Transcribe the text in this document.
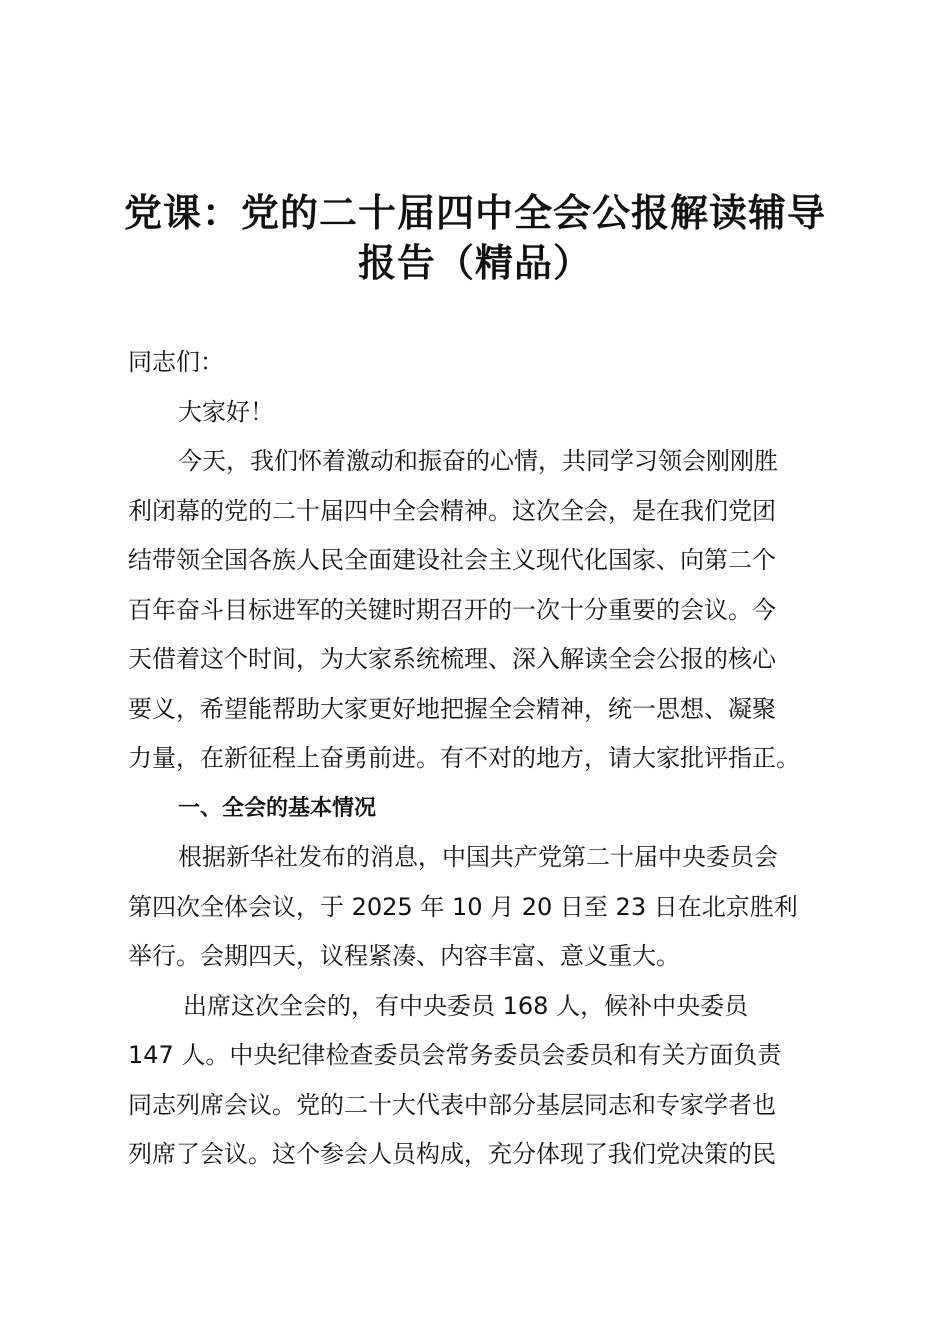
党课：党的二十届四中全会公报解读辅导
报告（精品）
同志们：
大家好！
今天，我们怀着激动和振奋的心情，共同学习领会刚刚胜
利闭幕的党的二十届四中全会精神。这次全会，是在我们党团
结带领全国各族人民全面建设社会主义现代化国家、向第二个
百年奋斗目标进军的关键时期召开的一次十分重要的会议。今
天借着这个时间，为大家系统梳理、深入解读全会公报的核心
要义，希望能帮助大家更好地把握全会精神，统一思想、凝聚
力量，在新征程上奋勇前进。有不对的地方，请大家批评指正。
一、全会的基本情况
根据新华社发布的消息，中国共产党第二十届中央委员会
第四次全体会议，于 2025 年 10 月 20 日至 23 日在北京胜利
举行。会期四天，议程紧凑、内容丰富、意义重大。
出席这次全会的，有中央委员 168 人，候补中央委员
147 人。中央纪律检查委员会常务委员会委员和有关方面负责
同志列席会议。党的二十大代表中部分基层同志和专家学者也
列席了会议。这个参会人员构成，充分体现了我们党决策的民
